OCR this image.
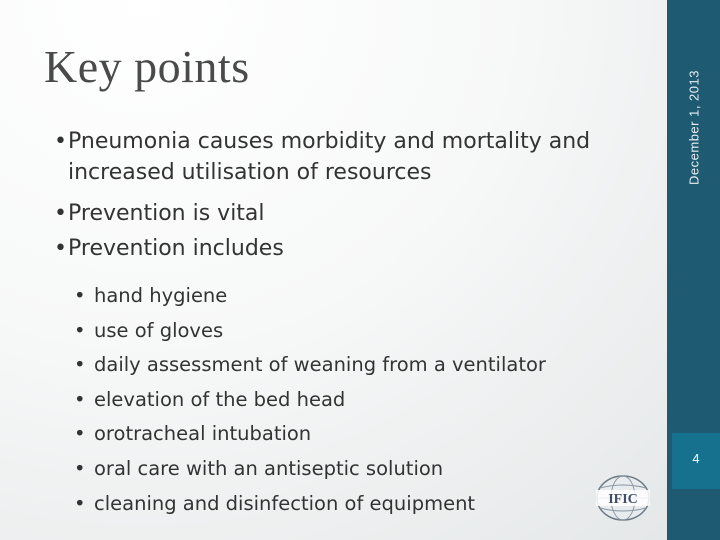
Key points

• Pneumonia causes morbidity and mortality and increased utilisation of resources

• Prevention is vital

• Prevention includes

• hand hygiene

• use of gloves

• daily assessment of weaning from a ventilator

• elevation of the bed head

• orotracheal intubation

• oral care with an antiseptic solution

• cleaning and disinfection of equipment

December 1, 2013
4
IFIC
